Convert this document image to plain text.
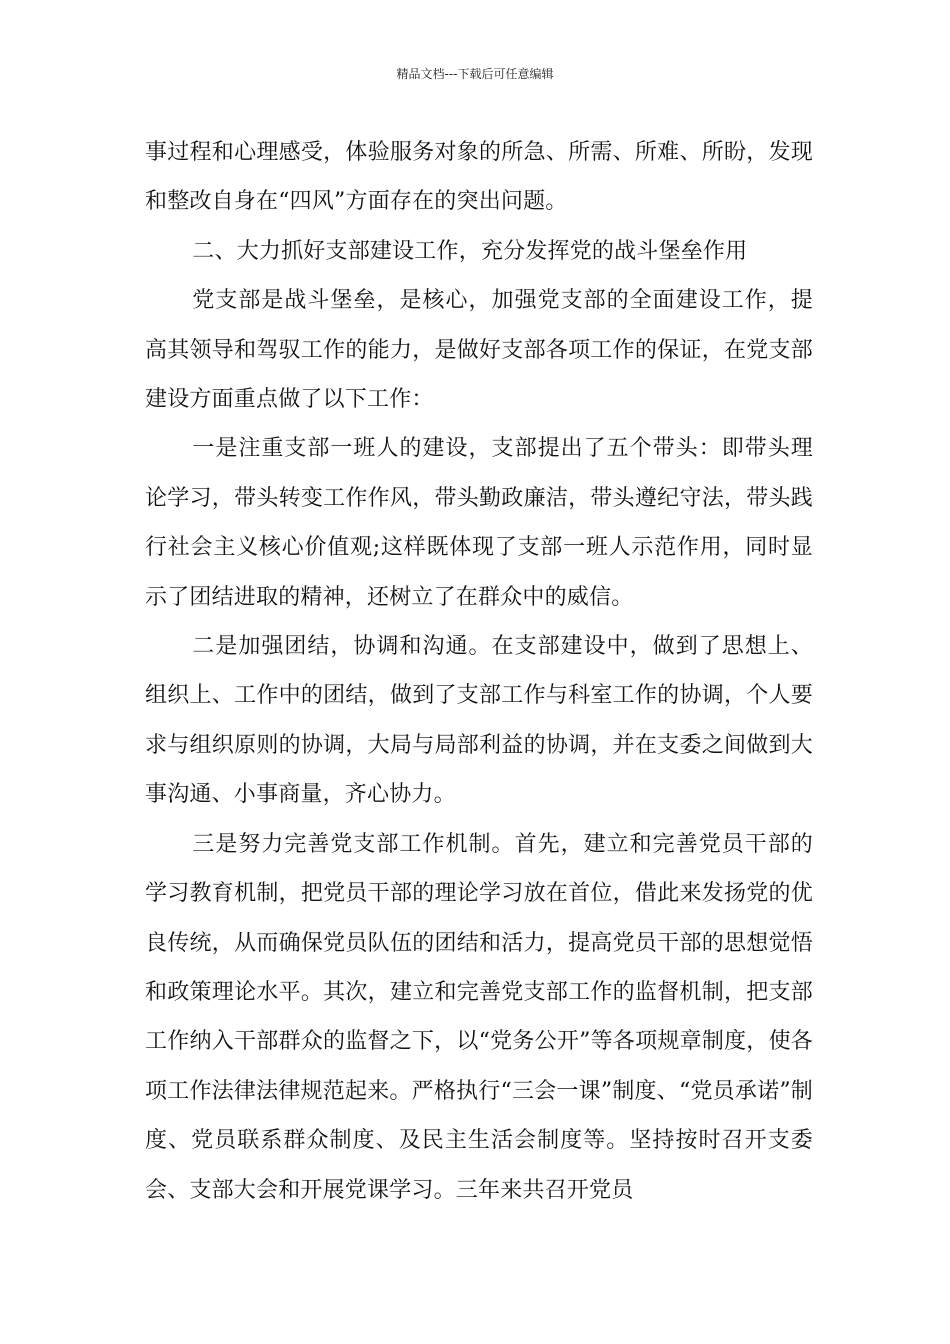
精品文档---下载后可任意编辑

事过程和心理感受，体验服务对象的所急、所需、所难、所盼，发现和整改自身在“四风”方面存在的突出问题。

二、大力抓好支部建设工作，充分发挥党的战斗堡垒作用

党支部是战斗堡垒，是核心，加强党支部的全面建设工作，提高其领导和驾驭工作的能力，是做好支部各项工作的保证，在党支部建设方面重点做了以下工作：

一是注重支部一班人的建设，支部提出了五个带头：即带头理论学习，带头转变工作作风，带头勤政廉洁，带头遵纪守法，带头践行社会主义核心价值观;这样既体现了支部一班人示范作用，同时显示了团结进取的精神，还树立了在群众中的威信。

二是加强团结，协调和沟通。在支部建设中，做到了思想上、组织上、工作中的团结，做到了支部工作与科室工作的协调，个人要求与组织原则的协调，大局与局部利益的协调，并在支委之间做到大事沟通、小事商量，齐心协力。

三是努力完善党支部工作机制。首先，建立和完善党员干部的学习教育机制，把党员干部的理论学习放在首位，借此来发扬党的优良传统，从而确保党员队伍的团结和活力，提高党员干部的思想觉悟和政策理论水平。其次，建立和完善党支部工作的监督机制，把支部工作纳入干部群众的监督之下，以“党务公开”等各项规章制度，使各项工作法律法律规范起来。严格执行“三会一课”制度、“党员承诺”制度、党员联系群众制度、及民主生活会制度等。坚持按时召开支委会、支部大会和开展党课学习。三年来共召开党员
